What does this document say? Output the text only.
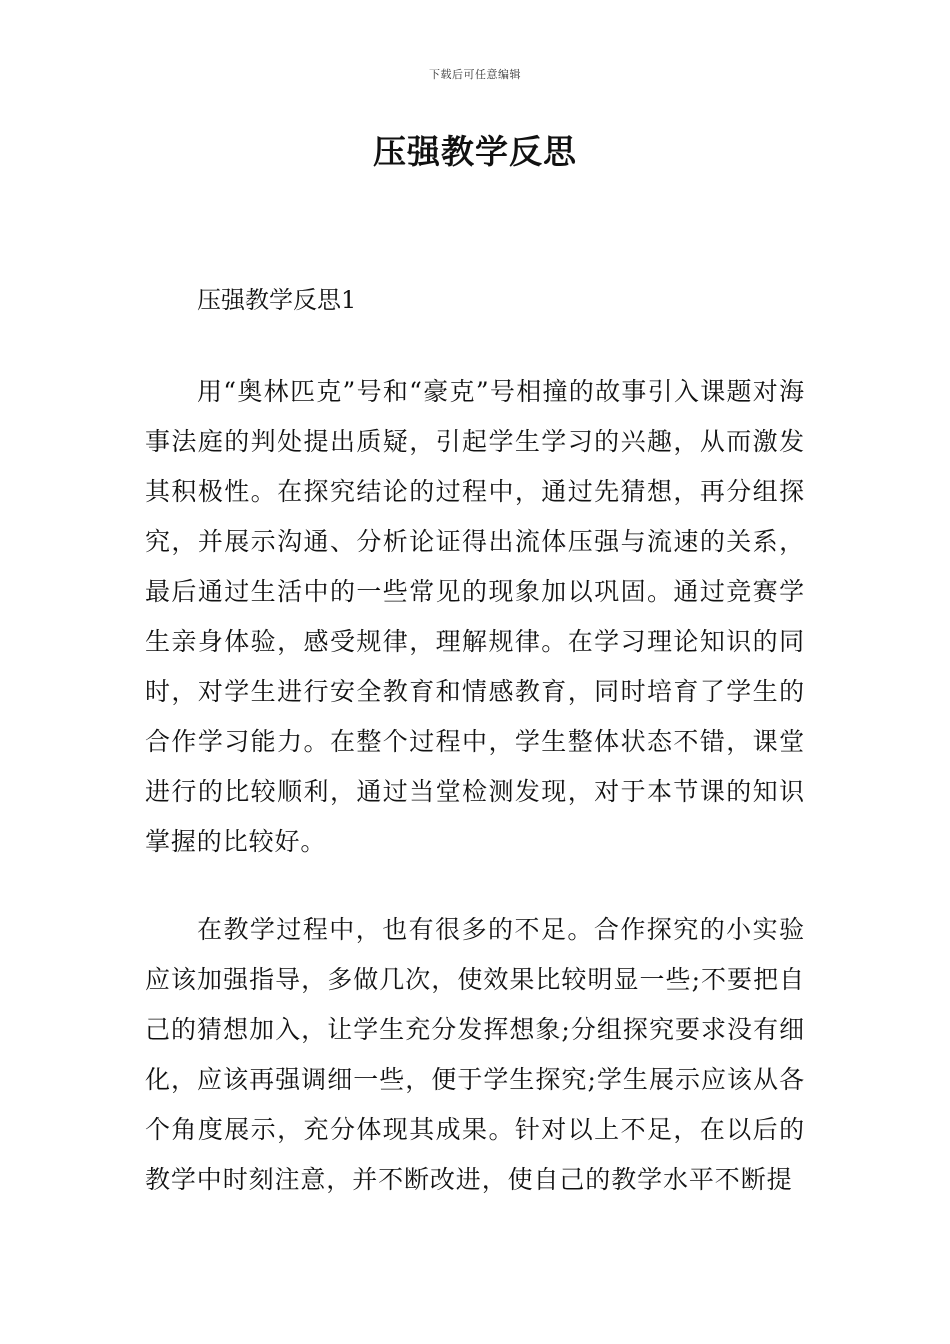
下载后可任意编辑
压强教学反思

压强教学反思1

用“奥林匹克”号和“豪克”号相撞的故事引入课题对海事法庭的判处提出质疑，引起学生学习的兴趣，从而激发其积极性。在探究结论的过程中，通过先猜想，再分组探究，并展示沟通、分析论证得出流体压强与流速的关系，最后通过生活中的一些常见的现象加以巩固。通过竞赛学生亲身体验，感受规律，理解规律。在学习理论知识的同时，对学生进行安全教育和情感教育，同时培育了学生的合作学习能力。在整个过程中，学生整体状态不错，课堂进行的比较顺利，通过当堂检测发现，对于本节课的知识掌握的比较好。

在教学过程中，也有很多的不足。合作探究的小实验应该加强指导，多做几次，使效果比较明显一些;不要把自己的猜想加入，让学生充分发挥想象;分组探究要求没有细化，应该再强调细一些，便于学生探究;学生展示应该从各个角度展示，充分体现其成果。针对以上不足，在以后的教学中时刻注意，并不断改进，使自己的教学水平不断提
